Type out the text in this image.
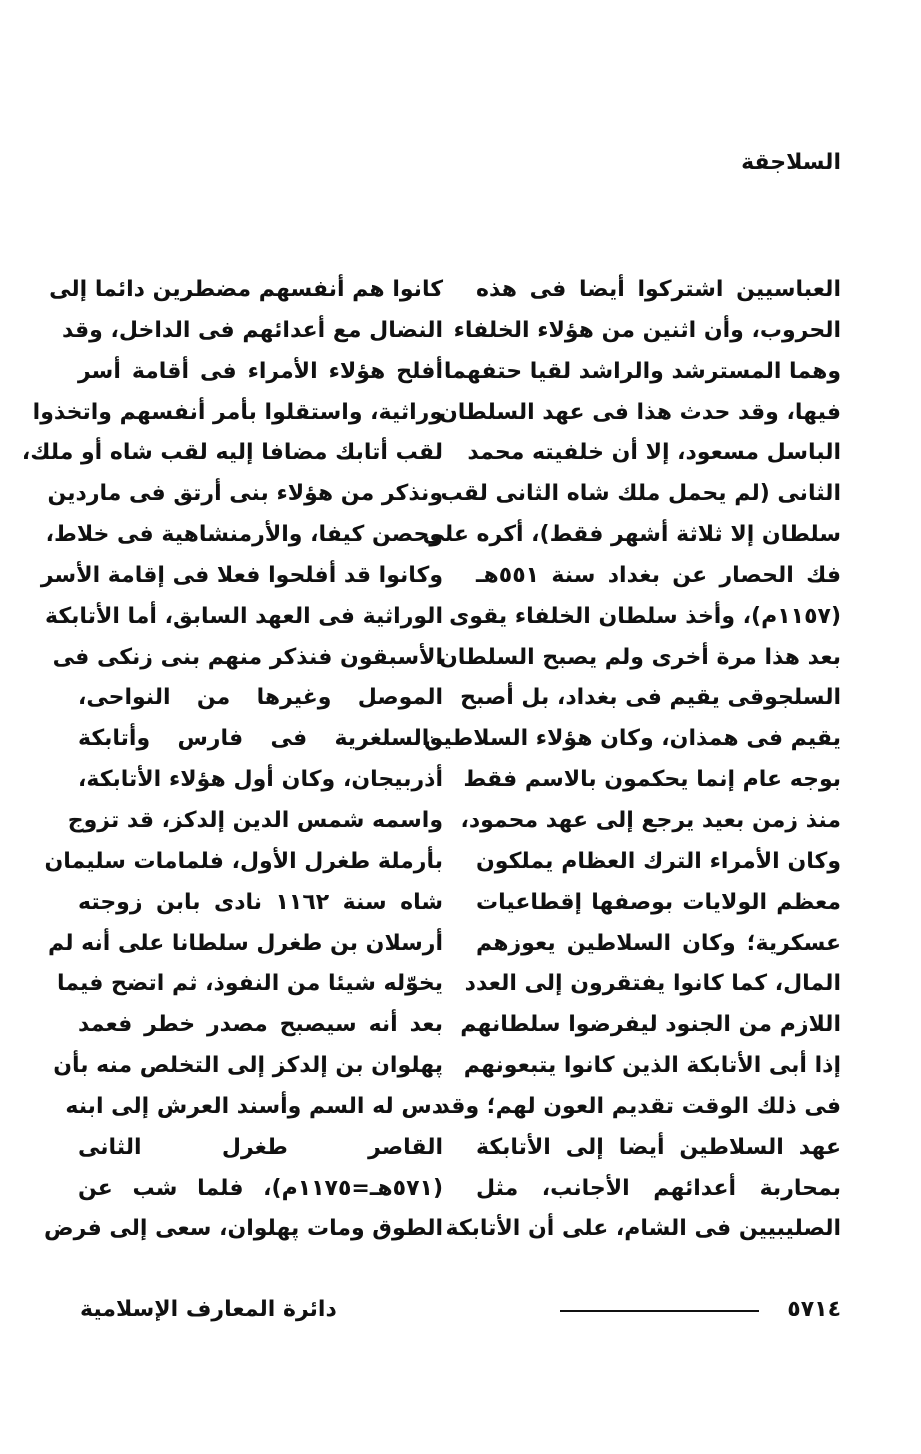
السلاجقة
العباسيين اشتركوا أيضا فى هذه
الحروب، وأن اثنين من هؤلاء الخلفاء
وهما المسترشد والراشد لقيا حتفهما
فيها، وقد حدث هذا فى عهد السلطان
الباسل مسعود، إلا أن خلفيته محمد
الثانى (لم يحمل ملك شاه الثانى لقب
سلطان إلا ثلاثة أشهر فقط)، أكره على
فك الحصار عن بغداد سنة ٥٥١هـ
(١١٥٧م)، وأخذ سلطان الخلفاء يقوى
بعد هذا مرة أخرى ولم يصبح السلطان
السلجوقى يقيم فى بغداد، بل أصبح
يقيم فى همذان، وكان هؤلاء السلاطين
بوجه عام إنما يحكمون بالاسم فقط
منذ زمن بعيد يرجع إلى عهد محمود،
وكان الأمراء الترك العظام يملكون
معظم الولايات بوصفها إقطاعيات
عسكرية؛ وكان السلاطين يعوزهم
المال، كما كانوا يفتقرون إلى العدد
اللازم من الجنود ليفرضوا سلطانهم
إذا أبى الأتابكة الذين كانوا يتبعونهم
فى ذلك الوقت تقديم العون لهم؛ وقد
عهد السلاطين أيضا إلى الأتابكة
بمحاربة أعدائهم الأجانب، مثل
الصليبيين فى الشام، على أن الأتابكة
كانوا هم أنفسهم مضطرين دائما إلى
النضال مع أعدائهم فى الداخل، وقد
أفلح هؤلاء الأمراء فى أقامة أسر
وراثية، واستقلوا بأمر أنفسهم واتخذوا
لقب أتابك مضافا إليه لقب شاه أو ملك،
ونذكر من هؤلاء بنى أرتق فى ماردين
وحصن كيفا، والأرمنشاهية فى خلاط،
وكانوا قد أفلحوا فعلا فى إقامة الأسر
الوراثية فى العهد السابق، أما الأتابكة
الأسبقون فنذكر منهم بنى زنكى فى
الموصل وغيرها من النواحى،
والسلغرية فى فارس وأتابكة
أذربيجان، وكان أول هؤلاء الأتابكة،
واسمه شمس الدين إلدكز، قد تزوج
بأرملة طغرل الأول، فلمامات سليمان
شاه سنة ١١٦٢ نادى بابن زوجته
أرسلان بن طغرل سلطانا على أنه لم
يخوّله شيئا من النفوذ، ثم اتضح فيما
بعد أنه سيصبح مصدر خطر فعمد
پهلوان بن إلدكز إلى التخلص منه بأن
دس له السم وأسند العرش إلى ابنه
القاصر طغرل الثانى
(٥٧١هـ=١١٧٥م)، فلما شب عن
الطوق ومات پهلوان، سعى إلى فرض
٥٧١٤
دائرة المعارف الإسلامية
